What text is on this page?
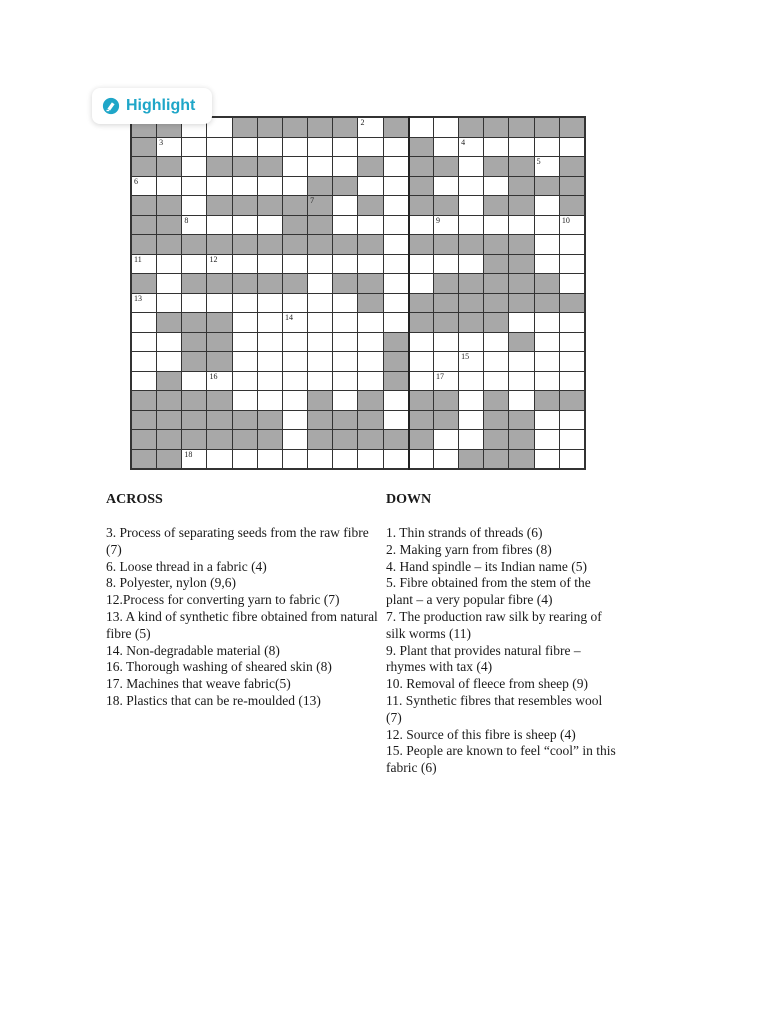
Highlight
2
3	4
5
6
7
8	9	10
11	12
13
14
15
16	17
18
ACROSS	DOWN

3. Process of separating seeds from the raw fibre (7)

6. Loose thread in a fabric (4)

8. Polyester, nylon (9,6)

12.Process for converting yarn to fabric (7)

13. A kind of synthetic fibre obtained from natural fibre (5)

14. Non-degradable material (8)

16. Thorough washing of sheared skin (8)

17. Machines that weave fabric(5)

18. Plastics that can be re-moulded (13)

1. Thin strands of threads (6)

2. Making yarn from fibres (8)

4. Hand spindle – its Indian name (5)

5. Fibre obtained from the stem of the plant – a very popular fibre (4)

7. The production raw silk by rearing of silk worms (11)

9. Plant that provides natural fibre – rhymes with tax (4)

10. Removal of fleece from sheep (9)

11. Synthetic fibres that resembles wool (7)

12. Source of this fibre is sheep (4)

15. People are known to feel “cool” in this fabric (6)
